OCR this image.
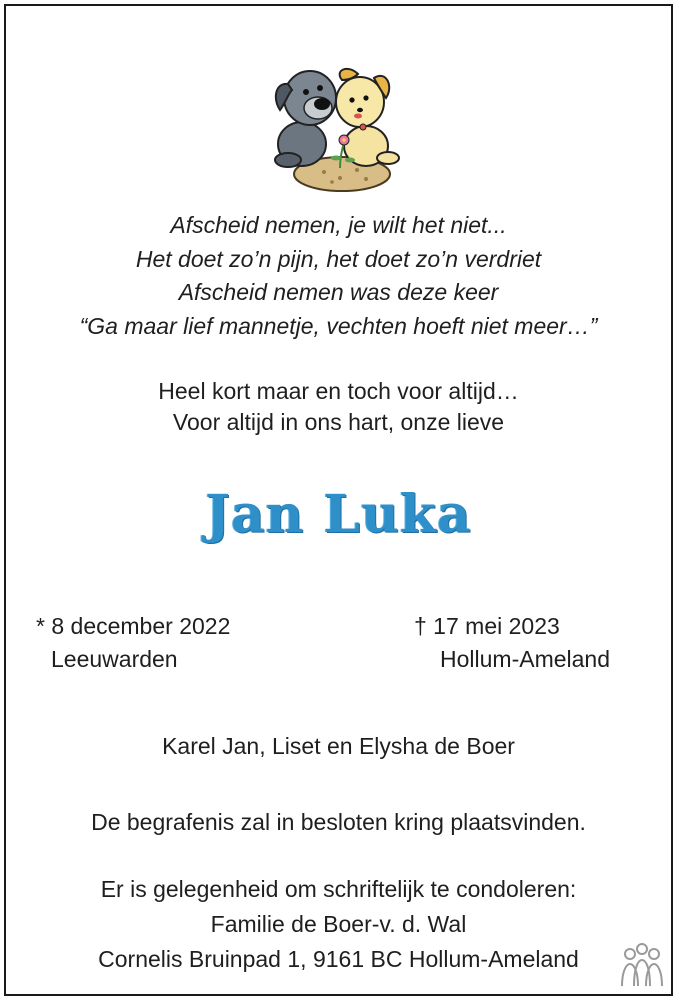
Afscheid nemen, je wilt het niet...
Het doet zo’n pijn, het doet zo’n verdriet
Afscheid nemen was deze keer
“Ga maar lief mannetje, vechten hoeft niet meer…”
Heel kort maar en toch voor altijd…
Voor altijd in ons hart, onze lieve
Jan Luka
* 8 december 2022
Leeuwarden
† 17 mei 2023
Hollum-Ameland
Karel Jan, Liset en Elysha de Boer
De begrafenis zal in besloten kring plaatsvinden.
Er is gelegenheid om schriftelijk te condoleren:
Familie de Boer-v. d. Wal
Cornelis Bruinpad 1, 9161 BC Hollum-Ameland
